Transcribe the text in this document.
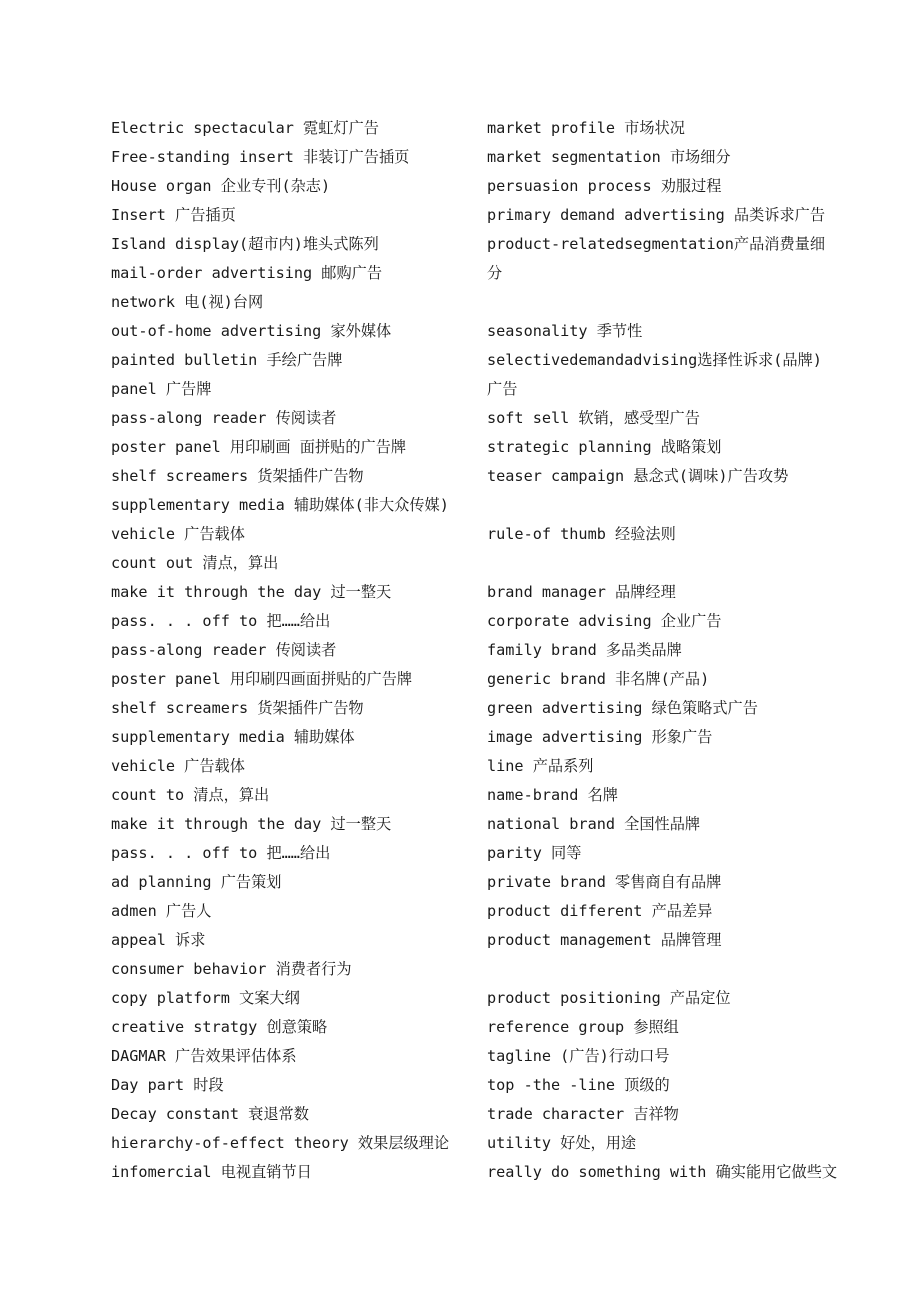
Electric spectacular 霓虹灯广告
Free-standing insert 非装订广告插页
House organ 企业专刊(杂志)
Insert 广告插页
Island display(超市内)堆头式陈列
mail-order advertising 邮购广告
network 电(视)台网
out-of-home advertising 家外媒体
painted bulletin 手绘广告牌
panel 广告牌
pass-along reader 传阅读者
poster panel 用印刷画 面拼贴的广告牌
shelf screamers 货架插件广告物
supplementary media 辅助媒体(非大众传媒)
vehicle 广告载体
count out 清点，算出
make it through the day 过一整天
pass. . . off to 把……给出
pass-along reader 传阅读者
poster panel 用印刷四画面拼贴的广告牌
shelf screamers 货架插件广告物
supplementary media 辅助媒体
vehicle 广告载体
count to 清点，算出
make it through the day 过一整天
pass. . . off to 把……给出
ad planning 广告策划
admen 广告人
appeal 诉求
consumer behavior 消费者行为
copy platform 文案大纲
creative stratgy 创意策略
DAGMAR 广告效果评估体系
Day part 时段
Decay constant 衰退常数
hierarchy-of-effect theory 效果层级理论
infomercial 电视直销节日
market profile 市场状况
market segmentation 市场细分
persuasion process 劝服过程
primary demand advertising 品类诉求广告
product-relatedsegmentation产品消费量细
分
seasonality 季节性
selectivedemandadvising选择性诉求(品牌)
广告
soft sell 软销，感受型广告
strategic planning 战略策划
teaser campaign 悬念式(调味)广告攻势
rule-of thumb 经验法则
brand manager 品牌经理
corporate advising 企业广告
family brand 多品类品牌
generic brand 非名牌(产品)
green advertising 绿色策略式广告
image advertising 形象广告
line 产品系列
name-brand 名牌
national brand 全国性品牌
parity 同等
private brand 零售商自有品牌
product different 产品差异
product management 品牌管理
product positioning 产品定位
reference group 参照组
tagline (广告)行动口号
top -the -line 顶级的
trade character 吉祥物
utility 好处，用途
really do something with 确实能用它做些文
